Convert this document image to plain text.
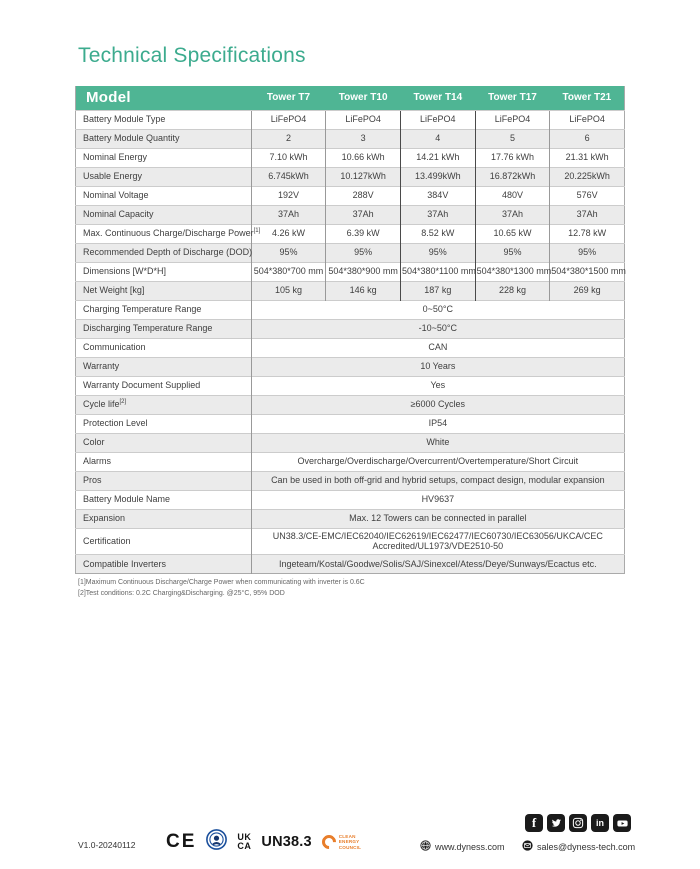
Technical Specifications
Model	Tower T7	Tower T10	Tower T14	Tower T17	Tower T21
Battery Module Type	LiFePO4	LiFePO4	LiFePO4	LiFePO4	LiFePO4
Battery Module Quantity	2	3	4	5	6
Nominal Energy	7.10 kWh	10.66 kWh	14.21 kWh	17.76 kWh	21.31 kWh
Usable Energy	6.745kWh	10.127kWh	13.499kWh	16.872kWh	20.225kWh
Nominal Voltage	192V	288V	384V	480V	576V
Nominal Capacity	37Ah	37Ah	37Ah	37Ah	37Ah
Max. Continuous Charge/Discharge Power[1]	4.26 kW	6.39 kW	8.52 kW	10.65 kW	12.78 kW
Recommended Depth of Discharge (DOD)	95%	95%	95%	95%	95%
Dimensions [W*D*H]	504*380*700 mm	504*380*900 mm	504*380*1100 mm	504*380*1300 mm	504*380*1500 mm
Net Weight [kg]	105 kg	146 kg	187 kg	228 kg	269 kg
Charging Temperature Range	0~50°C				
Discharging Temperature Range	-10~50°C				
Communication	CAN				
Warranty	10 Years				
Warranty Document Supplied	Yes				
Cycle life[2]	≥6000 Cycles				
Protection Level	IP54				
Color	White				
Alarms	Overcharge/Overdischarge/Overcurrent/Overtemperature/Short Circuit				
Pros	Can be used in both off-grid and hybrid setups, compact design, modular expansion				
Battery Module Name	HV9637				
Expansion	Max. 12 Towers can be connected in parallel				
Certification	UN38.3/CE-EMC/IEC62040/IEC62619/IEC62477/IEC60730/IEC63056/UKCA/CEC Accredited/UL1973/VDE2510-50				
Compatible Inverters	Ingeteam/Kostal/Goodwe/Solis/SAJ/Sinexcel/Atess/Deye/Sunways/Ecactus etc.				
[1]Maximum Continuous Discharge/Charge Power when communicating with inverter is 0.6C
[2]Test conditions: 0.2C Charging&Discharging. @25°C, 95% DOD
V1.0-20240112 CE	UK
CA UN38.3	CLEAN
ENERGY
COUNCIL	www.dyness.com
f	in
sales@dyness-tech.com
